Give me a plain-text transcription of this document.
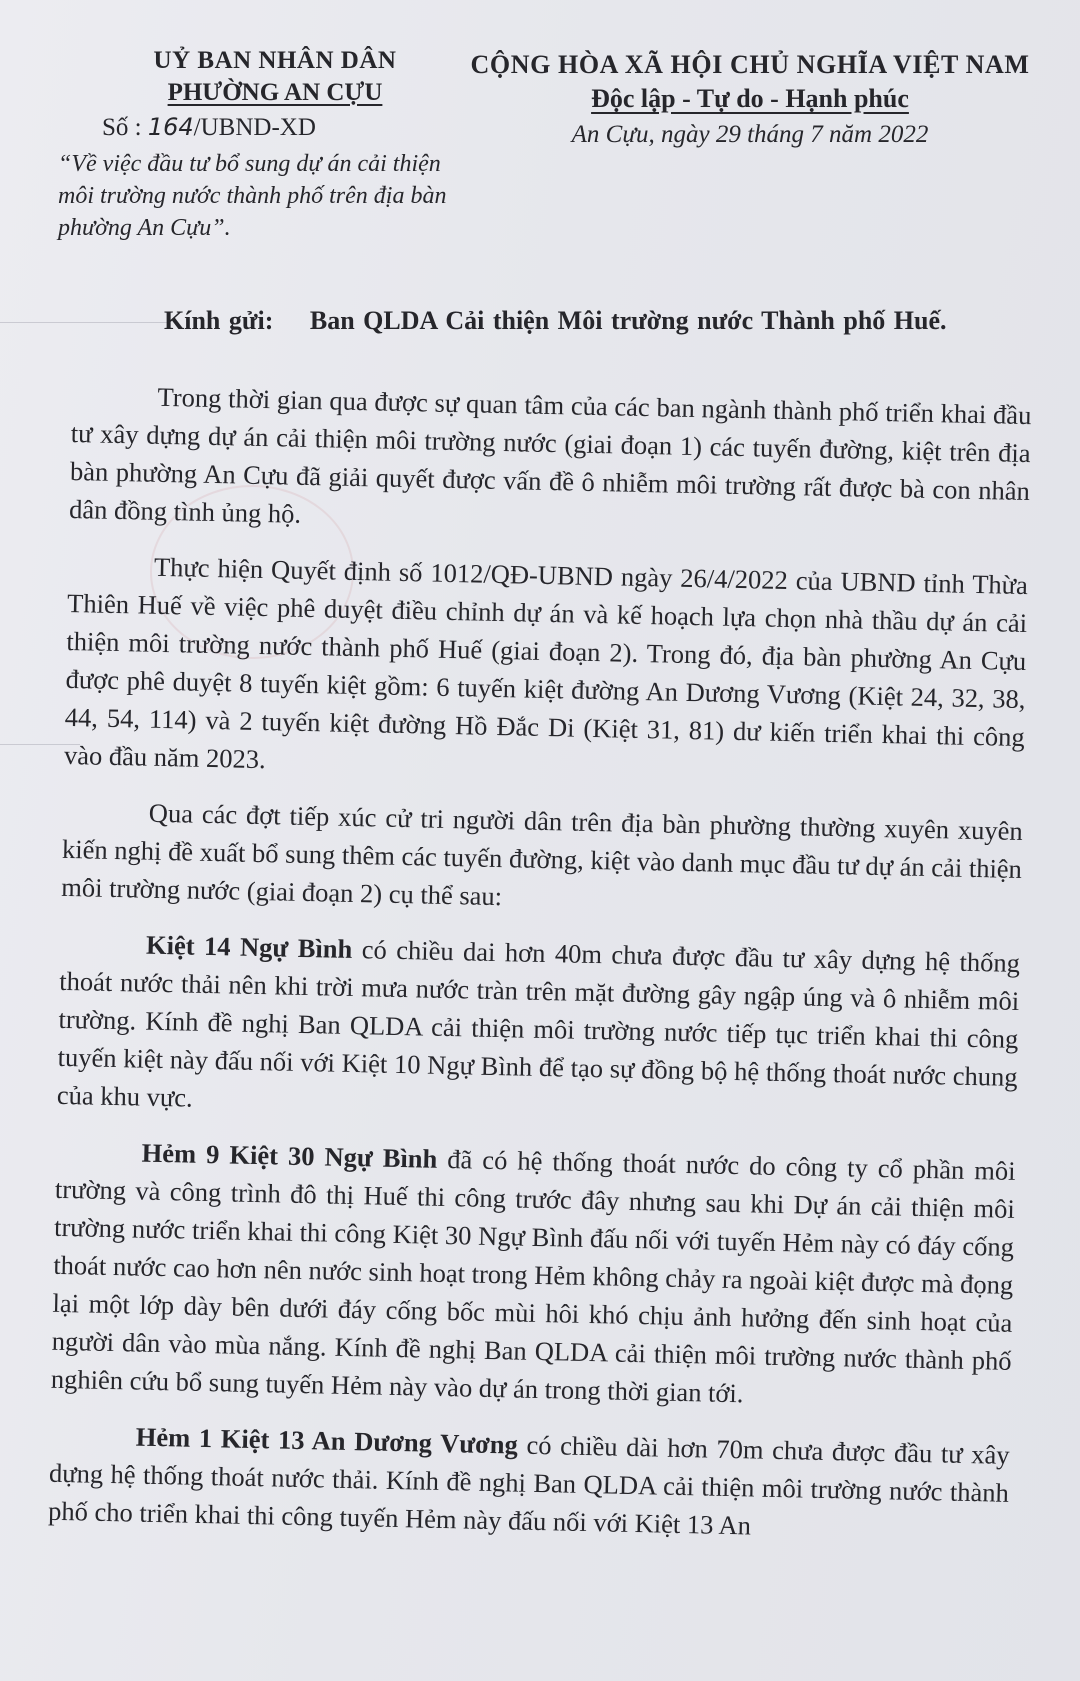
UỶ BAN NHÂN DÂN
PHƯỜNG AN CỰU
Số : 164/UBND-XD
“Về việc đầu tư bổ sung dự án cải thiện
môi trường nước thành phố trên địa bàn
phường An Cựu”.
CỘNG HÒA XÃ HỘI CHỦ NGHĨA VIỆT NAM
Độc lập - Tự do - Hạnh phúc
An Cựu, ngày 29 tháng 7 năm 2022
Kính gửi: Ban QLDA Cải thiện Môi trường nước Thành phố Huế.

Trong thời gian qua được sự quan tâm của các ban ngành thành phố triển khai đầu tư xây dựng dự án cải thiện môi trường nước (giai đoạn 1) các tuyến đường, kiệt trên địa bàn phường An Cựu đã giải quyết được vấn đề ô nhiễm môi trường rất được bà con nhân dân đồng tình ủng hộ.

Thực hiện Quyết định số 1012/QĐ-UBND ngày 26/4/2022 của UBND tỉnh Thừa Thiên Huế về việc phê duyệt điều chỉnh dự án và kế hoạch lựa chọn nhà thầu dự án cải thiện môi trường nước thành phố Huế (giai đoạn 2). Trong đó, địa bàn phường An Cựu được phê duyệt 8 tuyến kiệt gồm: 6 tuyến kiệt đường An Dương Vương (Kiệt 24, 32, 38, 44, 54, 114) và 2 tuyến kiệt đường Hồ Đắc Di (Kiệt 31, 81) dư kiến triển khai thi công vào đầu năm 2023.

Qua các đợt tiếp xúc cử tri người dân trên địa bàn phường thường xuyên xuyên kiến nghị đề xuất bổ sung thêm các tuyến đường, kiệt vào danh mục đầu tư dự án cải thiện môi trường nước (giai đoạn 2) cụ thể sau:

Kiệt 14 Ngự Bình có chiều dai hơn 40m chưa được đầu tư xây dựng hệ thống thoát nước thải nên khi trời mưa nước tràn trên mặt đường gây ngập úng và ô nhiễm môi trường. Kính đề nghị Ban QLDA cải thiện môi trường nước tiếp tục triển khai thi công tuyến kiệt này đấu nối với Kiệt 10 Ngự Bình để tạo sự đồng bộ hệ thống thoát nước chung của khu vực.

Hẻm 9 Kiệt 30 Ngự Bình đã có hệ thống thoát nước do công ty cổ phần môi trường và công trình đô thị Huế thi công trước đây nhưng sau khi Dự án cải thiện môi trường nước triển khai thi công Kiệt 30 Ngự Bình đấu nối với tuyến Hẻm này có đáy cống thoát nước cao hơn nên nước sinh hoạt trong Hẻm không chảy ra ngoài kiệt được mà đọng lại một lớp dày bên dưới đáy cống bốc mùi hôi khó chịu ảnh hưởng đến sinh hoạt của người dân vào mùa nắng. Kính đề nghị Ban QLDA cải thiện môi trường nước thành phố nghiên cứu bổ sung tuyến Hẻm này vào dự án trong thời gian tới.

Hẻm 1 Kiệt 13 An Dương Vương có chiều dài hơn 70m chưa được đầu tư xây dựng hệ thống thoát nước thải. Kính đề nghị Ban QLDA cải thiện môi trường nước thành phố cho triển khai thi công tuyến Hẻm này đấu nối với Kiệt 13 An
